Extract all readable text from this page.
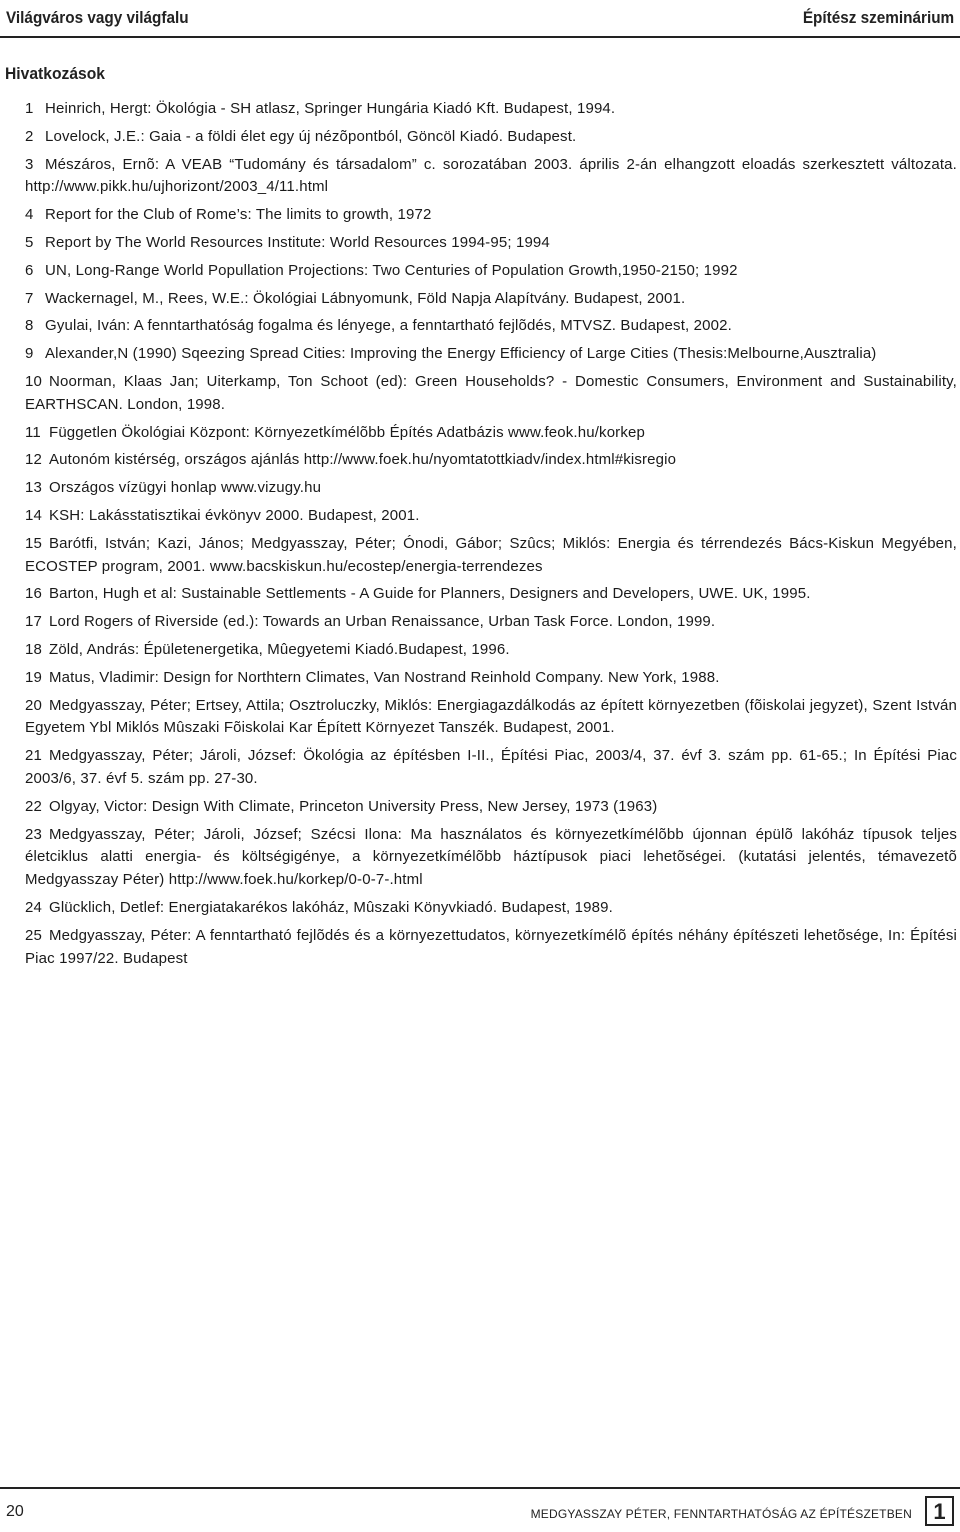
Világváros vagy világfalu	Építész szeminárium
Hivatkozások
1 Heinrich, Hergt: Ökológia - SH atlasz, Springer Hungária Kiadó Kft. Budapest, 1994.
2 Lovelock, J.E.: Gaia - a földi élet egy új nézõpontból, Göncöl Kiadó. Budapest.
3 Mészáros, Ernõ: A VEAB “Tudomány és társadalom” c. sorozatában 2003. április 2-án elhangzott eloadás szerkesztett változata. http://www.pikk.hu/ujhorizont/2003_4/11.html
4 Report for the Club of Rome’s: The limits to growth, 1972
5 Report by The World Resources Institute: World Resources 1994-95; 1994
6 UN, Long-Range World Popullation Projections: Two Centuries of Population Growth,1950-2150; 1992
7 Wackernagel, M., Rees, W.E.: Ökológiai Lábnyomunk, Föld Napja Alapítvány. Budapest, 2001.
8 Gyulai, Iván: A fenntarthatóság fogalma és lényege, a fenntartható fejlõdés, MTVSZ. Budapest, 2002.
9 Alexander,N (1990) Sqeezing Spread Cities: Improving the Energy Efficiency of Large Cities (Thesis:Melbourne,Ausztralia)
10 Noorman, Klaas Jan; Uiterkamp, Ton Schoot (ed): Green Households? - Domestic Consumers, Environment and Sustainability, EARTHSCAN. London, 1998.
11 Független Ökológiai Központ: Környezetkímélõbb Építés Adatbázis www.feok.hu/korkep
12 Autonóm kistérség, országos ajánlás http://www.foek.hu/nyomtatottkiadv/index.html#kisregio
13 Országos vízügyi honlap www.vizugy.hu
14 KSH: Lakásstatisztikai évkönyv 2000. Budapest, 2001.
15 Barótfi, István; Kazi, János; Medgyasszay, Péter; Ónodi, Gábor; Szûcs; Miklós: Energia és térrendezés Bács-Kiskun Megyében, ECOSTEP program, 2001. www.bacskiskun.hu/ecostep/energia-terrendezes
16 Barton, Hugh et al: Sustainable Settlements - A Guide for Planners, Designers and Developers, UWE. UK, 1995.
17 Lord Rogers of Riverside (ed.): Towards an Urban Renaissance, Urban Task Force. London, 1999.
18 Zöld, András: Épületenergetika, Mûegyetemi Kiadó.Budapest, 1996.
19 Matus, Vladimir: Design for Northtern Climates, Van Nostrand Reinhold Company. New York, 1988.
20 Medgyasszay, Péter; Ertsey, Attila; Osztroluczky, Miklós: Energiagazdálkodás az épített környezetben (fõiskolai jegyzet), Szent István Egyetem Ybl Miklós Mûszaki Fõiskolai Kar Épített Környezet Tanszék. Budapest, 2001.
21 Medgyasszay, Péter; Jároli, József: Ökológia az építésben I-II., Építési Piac, 2003/4, 37. évf 3. szám pp. 61-65.; In Építési Piac 2003/6, 37. évf 5. szám pp. 27-30.
22 Olgyay, Victor: Design With Climate, Princeton University Press, New Jersey, 1973 (1963)
23 Medgyasszay, Péter; Jároli, József; Szécsi Ilona: Ma használatos és környezetkímélõbb újonnan épülõ lakóház típusok teljes életciklus alatti energia- és költségigénye, a környezetkímélõbb háztípusok piaci lehetõségei. (kutatási jelentés, témavezetõ Medgyasszay Péter) http://www.foek.hu/korkep/0-0-7-.html
24 Glücklich, Detlef: Energiatakarékos lakóház, Mûszaki Könyvkiadó. Budapest, 1989.
25 Medgyasszay, Péter: A fenntartható fejlõdés és a környezettudatos, környezetkímélõ építés néhány építészeti lehetõsége, In: Építési Piac 1997/22. Budapest
20	MEDGYASSZAY PÉTER, FENNTARTHATÓSÁG AZ ÉPÍTÉSZETBEN 1
